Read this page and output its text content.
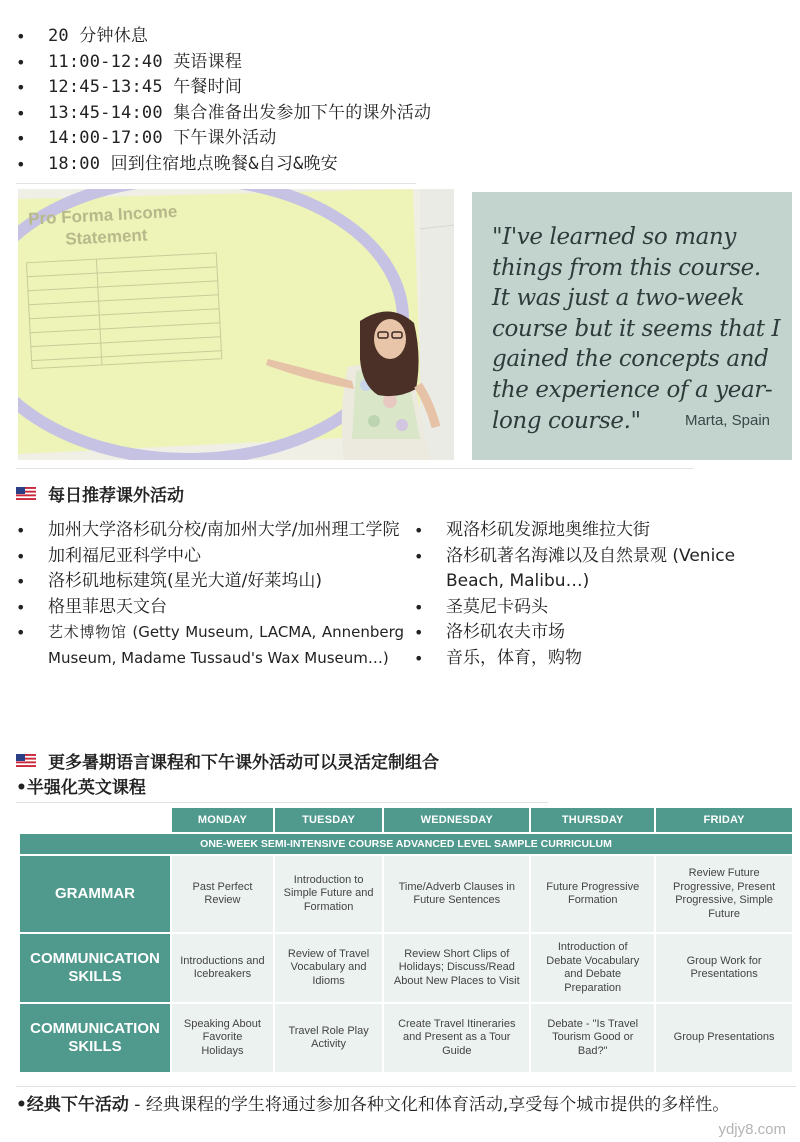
• 20 分钟休息
• 11:00-12:40 英语课程
• 12:45-13:45 午餐时间
• 13:45-14:00 集合准备出发参加下午的课外活动
• 14:00-17:00 下午课外活动
• 18:00 回到住宿地点晚餐&自习&晚安
Pro Forma Income
Statement	"I've learned so many things from this course. It was just a two-week course but it seems that I gained the concepts and the experience of a year-long course."	Marta, Spain
每日推荐课外活动
• 加州大学洛杉矶分校/南加州大学/加州理工学院
• 加利福尼亚科学中心
• 洛杉矶地标建筑(星光大道/好莱坞山)
• 格里菲思天文台
• 艺术博物馆 (Getty Museum, LACMA, Annenberg Museum, Madame Tussaud's Wax Museum…)
• 观洛杉矶发源地奥维拉大街
• 洛杉矶著名海滩以及自然景观 (Venice Beach, Malibu…)
• 圣莫尼卡码头
• 洛杉矶农夫市场
• 音乐，体育，购物
更多暑期语言课程和下午课外活动可以灵活定制组合
•半强化英文课程
	MONDAY	TUESDAY	WEDNESDAY	THURSDAY	FRIDAY
ONE-WEEK SEMI-INTENSIVE COURSE ADVANCED LEVEL SAMPLE CURRICULUM					
GRAMMAR	Past Perfect Review	Introduction to Simple Future and Formation	Time/Adverb Clauses in Future Sentences	Future Progressive Formation	Review Future Progressive, Present Progressive, Simple Future
COMMUNICATION SKILLS	Introductions and Icebreakers	Review of Travel Vocabulary and Idioms	Review Short Clips of Holidays; Discuss/Read About New Places to Visit	Introduction of Debate Vocabulary and Debate Preparation	Group Work for Presentations
COMMUNICATION SKILLS	Speaking About Favorite Holidays	Travel Role Play Activity	Create Travel Itineraries and Present as a Tour Guide	Debate - "Is Travel Tourism Good or Bad?"	Group Presentations
•经典下午活动 - 经典课程的学生将通过参加各种文化和体育活动,享受每个城市提供的多样性。
ydjy8.com
